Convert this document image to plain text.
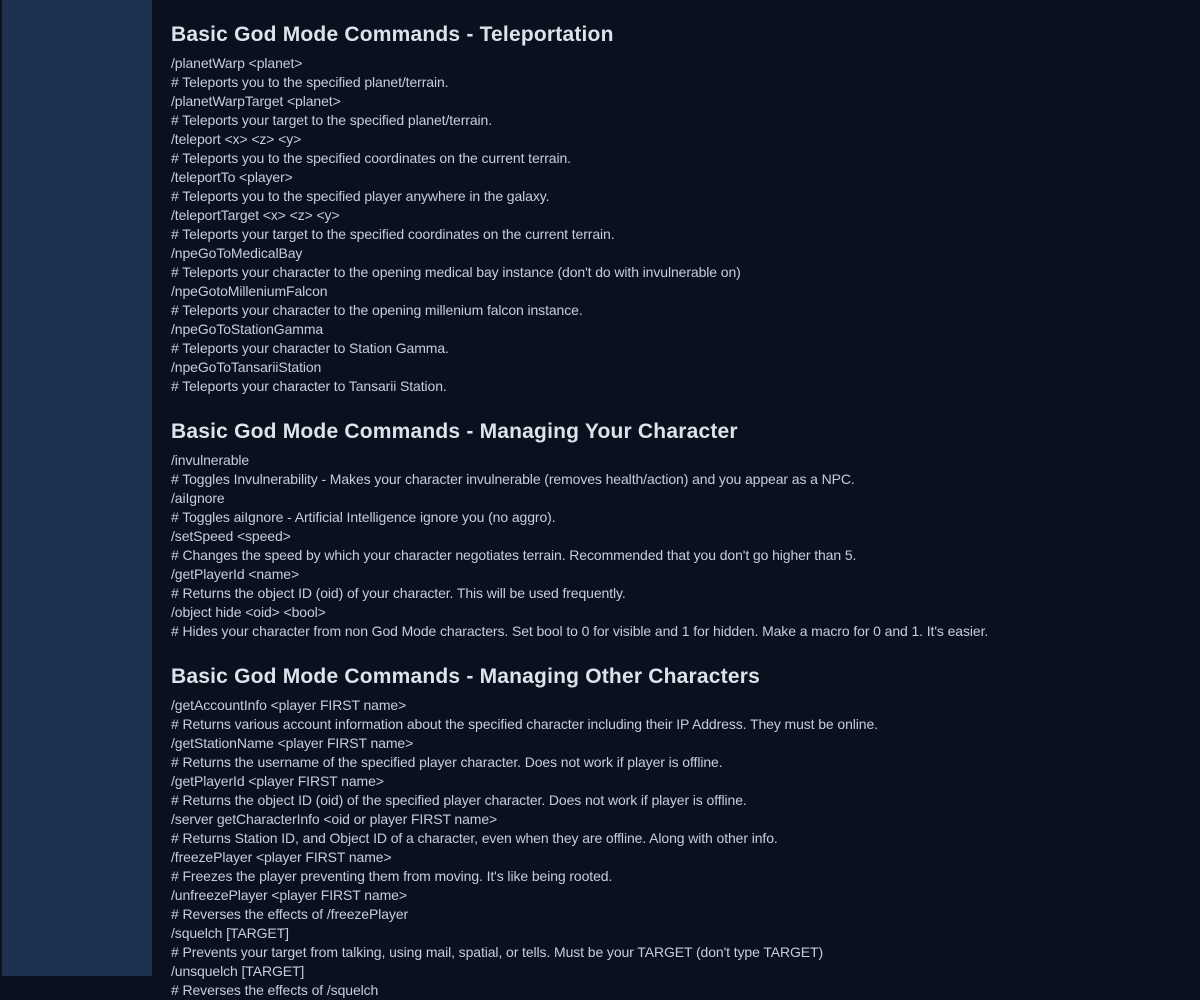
Basic God Mode Commands - Teleportation
/planetWarp <planet>
# Teleports you to the specified planet/terrain.
/planetWarpTarget <planet>
# Teleports your target to the specified planet/terrain.
/teleport <x> <z> <y>
# Teleports you to the specified coordinates on the current terrain.
/teleportTo <player>
# Teleports you to the specified player anywhere in the galaxy.
/teleportTarget <x> <z> <y>
# Teleports your target to the specified coordinates on the current terrain.
/npeGoToMedicalBay
# Teleports your character to the opening medical bay instance (don't do with invulnerable on)
/npeGotoMilleniumFalcon
# Teleports your character to the opening millenium falcon instance.
/npeGoToStationGamma
# Teleports your character to Station Gamma.
/npeGoToTansariiStation
# Teleports your character to Tansarii Station.
Basic God Mode Commands - Managing Your Character
/invulnerable
# Toggles Invulnerability - Makes your character invulnerable (removes health/action) and you appear as a NPC.
/aiIgnore
# Toggles aiIgnore - Artificial Intelligence ignore you (no aggro).
/setSpeed <speed>
# Changes the speed by which your character negotiates terrain. Recommended that you don't go higher than 5.
/getPlayerId <name>
# Returns the object ID (oid) of your character. This will be used frequently.
/object hide <oid> <bool>
# Hides your character from non God Mode characters. Set bool to 0 for visible and 1 for hidden. Make a macro for 0 and 1. It's easier.
Basic God Mode Commands - Managing Other Characters
/getAccountInfo <player FIRST name>
# Returns various account information about the specified character including their IP Address. They must be online.
/getStationName <player FIRST name>
# Returns the username of the specified player character. Does not work if player is offline.
/getPlayerId <player FIRST name>
# Returns the object ID (oid) of the specified player character. Does not work if player is offline.
/server getCharacterInfo <oid or player FIRST name>
# Returns Station ID, and Object ID of a character, even when they are offline. Along with other info.
/freezePlayer <player FIRST name>
# Freezes the player preventing them from moving. It's like being rooted.
/unfreezePlayer <player FIRST name>
# Reverses the effects of /freezePlayer
/squelch [TARGET]
# Prevents your target from talking, using mail, spatial, or tells. Must be your TARGET (don't type TARGET)
/unsquelch [TARGET]
# Reverses the effects of /squelch
